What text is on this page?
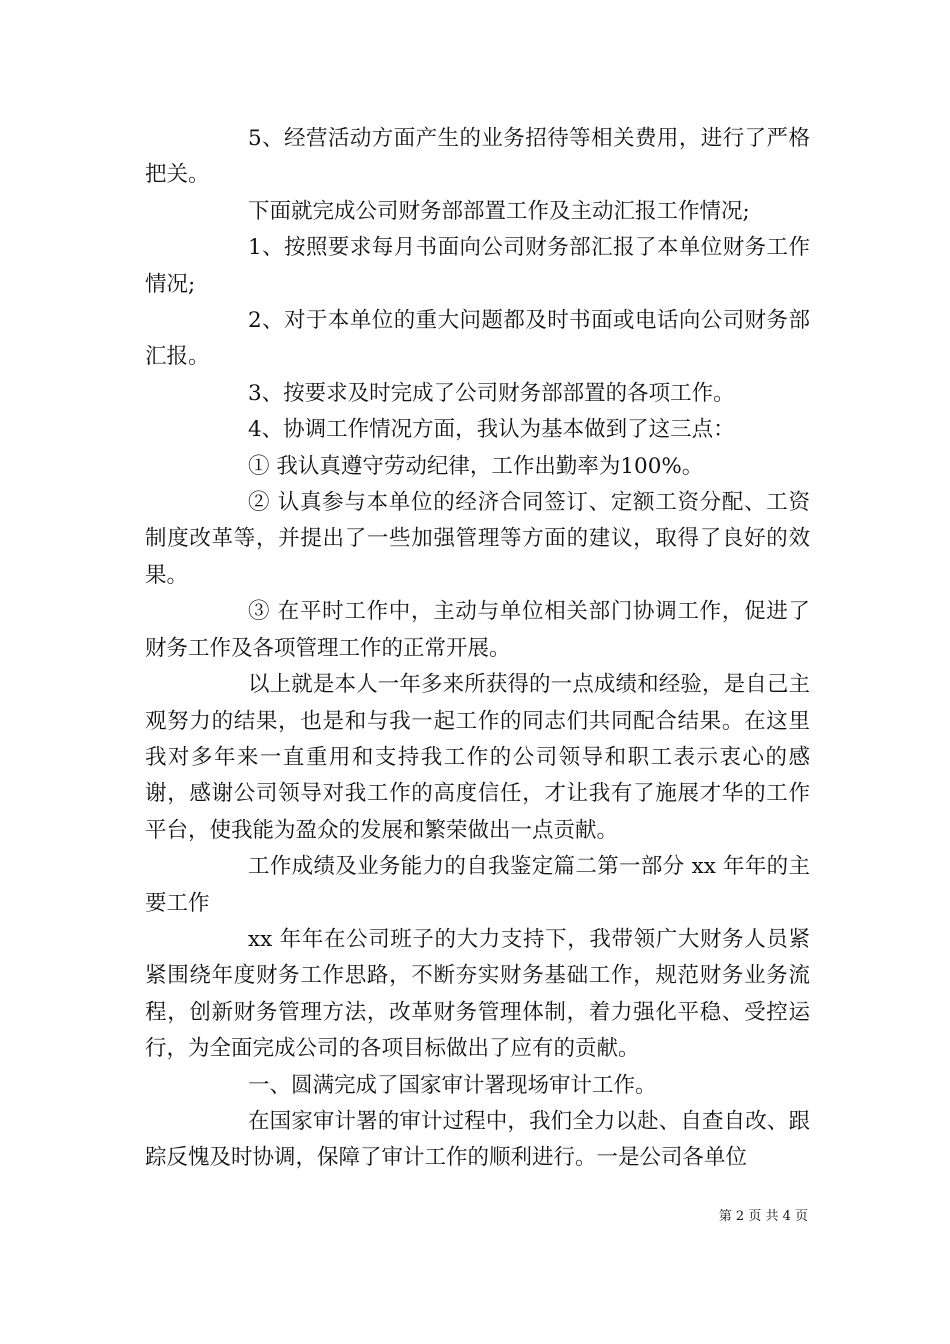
5、经营活动方面产生的业务招待等相关费用，进行了严格把关。

下面就完成公司财务部部置工作及主动汇报工作情况;

1、按照要求每月书面向公司财务部汇报了本单位财务工作情况;

2、对于本单位的重大问题都及时书面或电话向公司财务部汇报。

3、按要求及时完成了公司财务部部置的各项工作。

4、协调工作情况方面，我认为基本做到了这三点：

① 我认真遵守劳动纪律，工作出勤率为100%。

② 认真参与本单位的经济合同签订、定额工资分配、工资制度改革等，并提出了一些加强管理等方面的建议，取得了良好的效果。

③ 在平时工作中，主动与单位相关部门协调工作，促进了财务工作及各项管理工作的正常开展。

以上就是本人一年多来所获得的一点成绩和经验，是自己主观努力的结果，也是和与我一起工作的同志们共同配合结果。在这里我对多年来一直重用和支持我工作的公司领导和职工表示衷心的感谢，感谢公司领导对我工作的高度信任，才让我有了施展才华的工作平台，使我能为盈众的发展和繁荣做出一点贡献。

工作成绩及业务能力的自我鉴定篇二第一部分 xx 年年的主要工作

xx 年年在公司班子的大力支持下，我带领广大财务人员紧紧围绕年度财务工作思路，不断夯实财务基础工作，规范财务业务流程，创新财务管理方法，改革财务管理体制，着力强化平稳、受控运行，为全面完成公司的各项目标做出了应有的贡献。

一、圆满完成了国家审计署现场审计工作。

在国家审计署的审计过程中，我们全力以赴、自查自改、跟踪反愧及时协调，保障了审计工作的顺利进行。一是公司各单位

第 2 页 共 4 页
